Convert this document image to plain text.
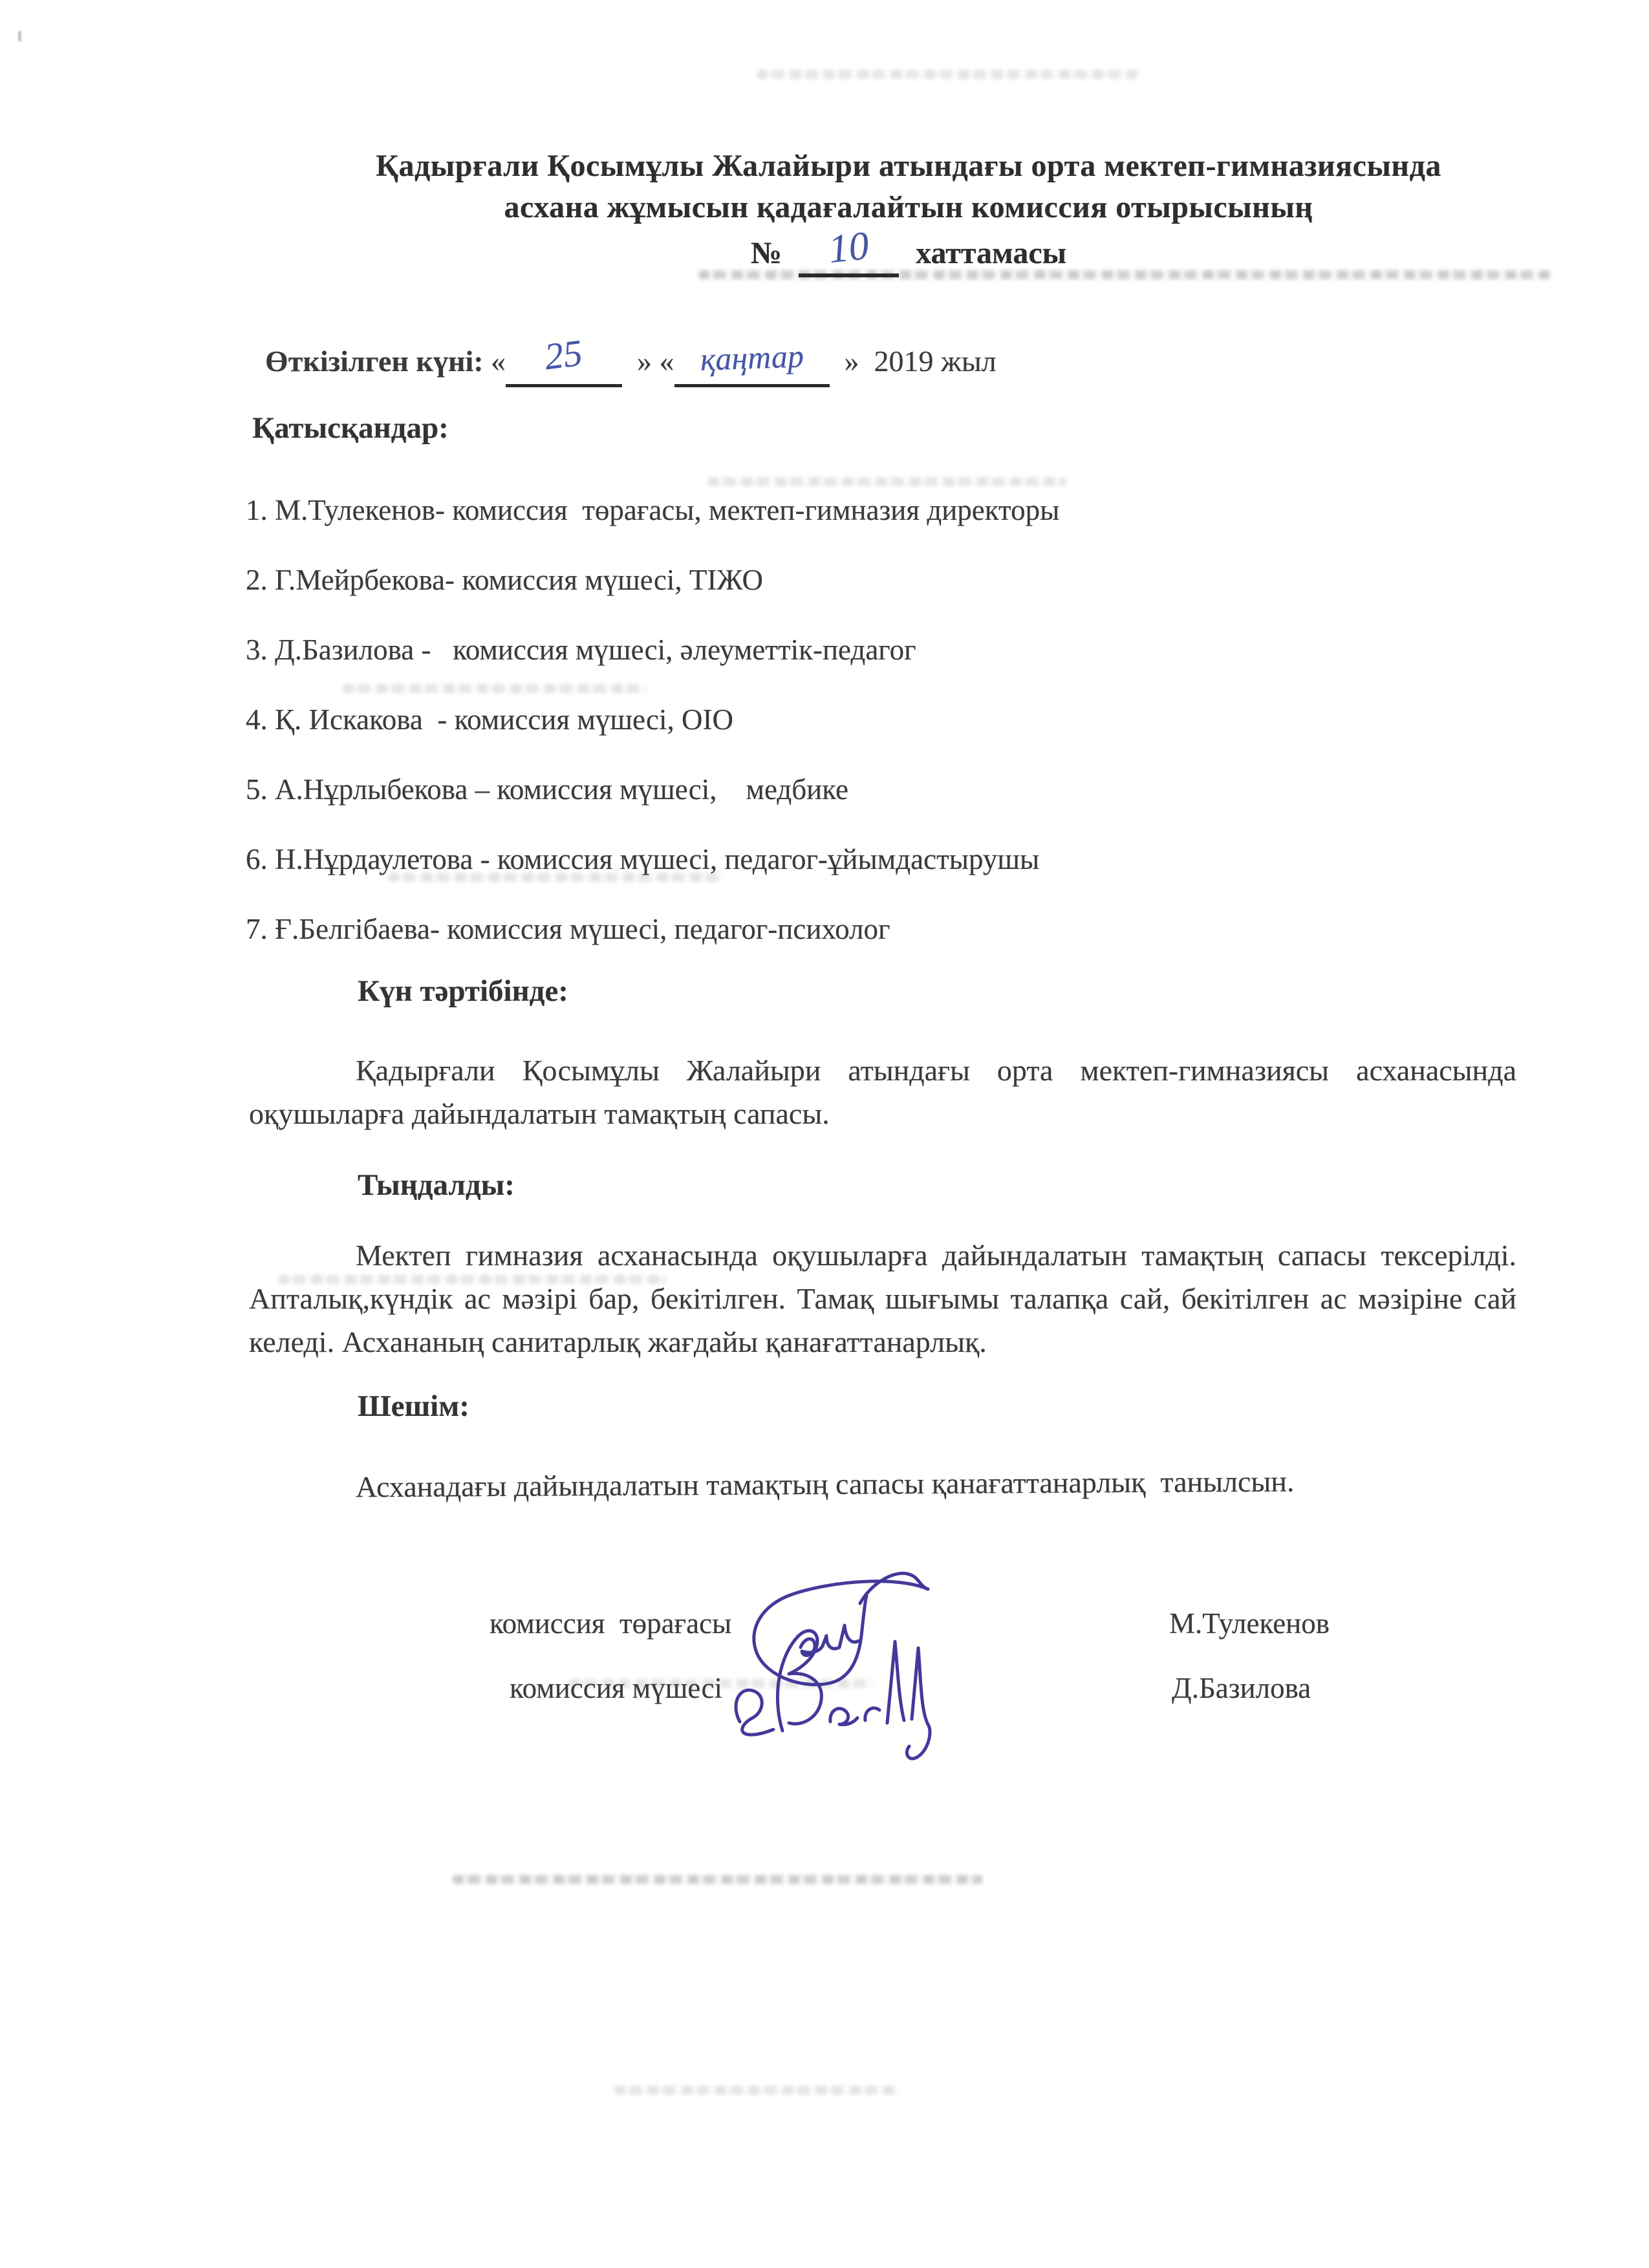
Қадырғали Қосымұлы Жалайыри атындағы орта мектеп-гимназиясында
асхана жұмысын қадағалайтын комиссия отырысының
№ 10 хаттамасы
Өткізілген күні: « 25 » « қаңтар » 2019 жыл
Қатысқандар:
1. М.Тулекенов- комиссия  төрағасы, мектеп-гимназия директоры
2. Г.Мейрбекова- комиссия мүшесі, ТІЖО
3. Д.Базилова -   комиссия мүшесі, әлеуметтік-педагог
4. Қ. Искакова  - комиссия мүшесі, ОІО
5. А.Нұрлыбекова – комиссия мүшесі,    медбике
6. Н.Нұрдаулетова - комиссия мүшесі, педагог-ұйымдастырушы
7. Ғ.Белгібаева- комиссия мүшесі, педагог-психолог
Күн тәртібінде:
Қадырғали Қосымұлы Жалайыри атындағы орта мектеп-гимназиясы асханасында оқушыларға дайындалатын тамақтың сапасы.
Тыңдалды:
Мектеп гимназия асханасында оқушыларға дайындалатын тамақтың сапасы тексерілді. Апталық,күндік ас мәзірі бар, бекітілген. Тамақ шығымы талапқа сай, бекітілген ас мәзіріне сай келеді. Асхананың санитарлық жағдайы қанағаттанарлық.
Шешім:
Асханадағы дайындалатын тамақтың сапасы қанағаттанарлық  танылсын.
комиссия  төрағасы	М.Тулекенов
комиссия мүшесі	Д.Базилова
